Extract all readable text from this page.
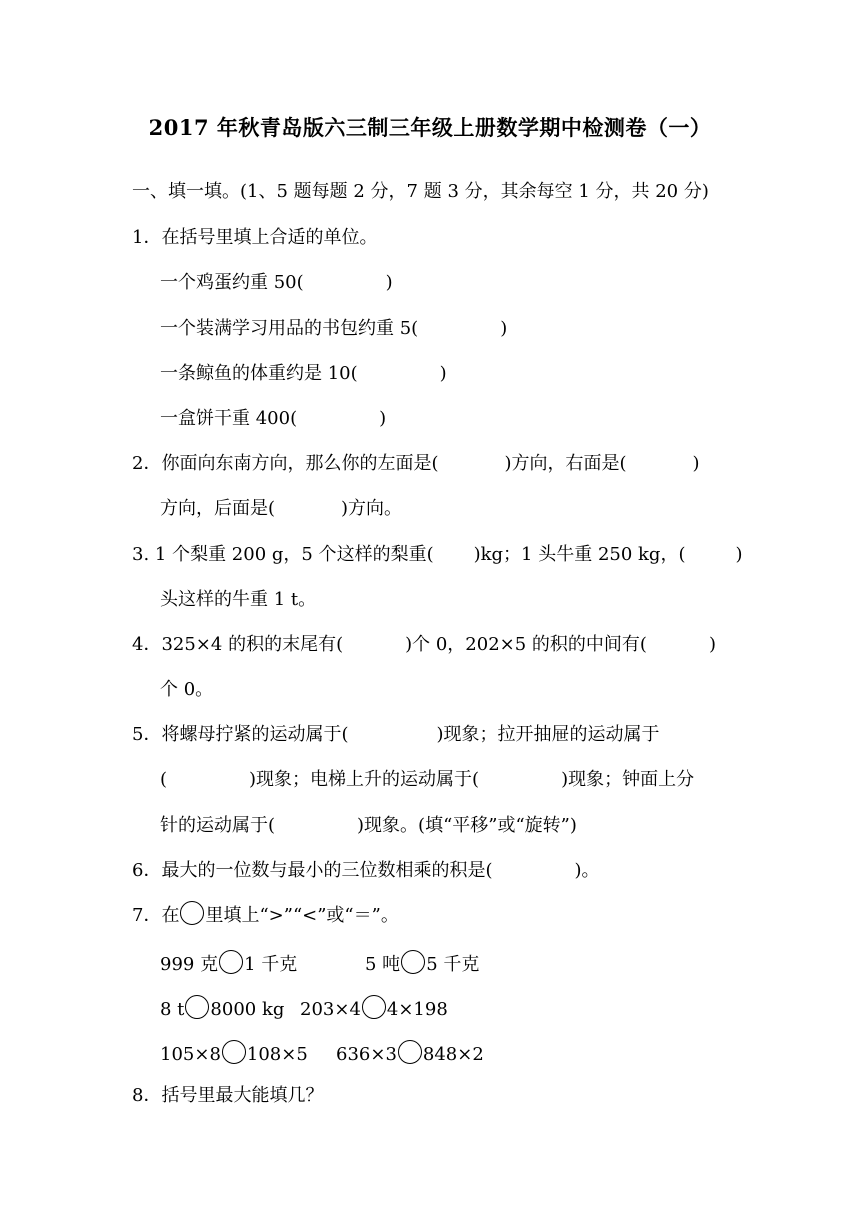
2017 年秋青岛版六三制三年级上册数学期中检测卷（一）
一、填一填。(1、5 题每题 2 分，7 题 3 分，其余每空 1 分，共 20 分)
1．在括号里填上合适的单位。
一个鸡蛋约重 50(	)
一个装满学习用品的书包约重 5(	)
一条鲸鱼的体重约是 10(	)
一盒饼干重 400(	)
2．你面向东南方向，那么你的左面是(	)方向，右面是(	)
方向，后面是(	)方向。
3. 1 个梨重 200 g，5 个这样的梨重( )kg；1 头牛重 250 kg，(	)
头这样的牛重 1 t。
4．325×4 的积的末尾有(	)个 0，202×5 的积的中间有(	)
个 0。
5．将螺母拧紧的运动属于(	)现象；拉开抽屉的运动属于
(	)现象；电梯上升的运动属于(	)现象；钟面上分
针的运动属于(	)现象。(填“平移”或“旋转”)
6．最大的一位数与最小的三位数相乘的积是(	)。
7．在 里填上“>”“<”或“＝”。
999 克 1 千克	5 吨 5 千克
8 t 8000 kg 203×4 4×198
105×8 108×5 636×3 848×2
8．括号里最大能填几？
